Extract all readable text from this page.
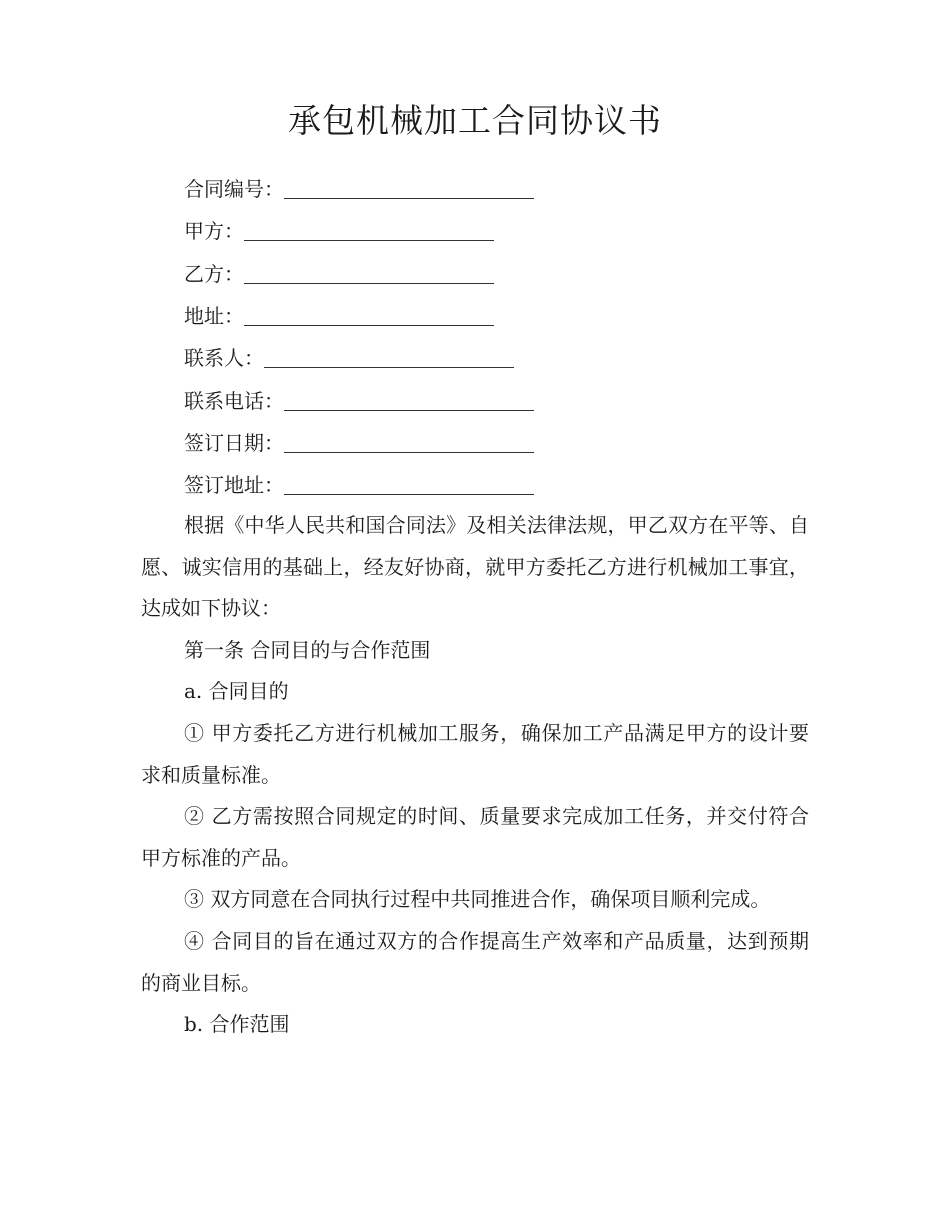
承包机械加工合同协议书
合同编号：
甲方：
乙方：
地址：
联系人：
联系电话：
签订日期：
签订地址：
根据《中华人民共和国合同法》及相关法律法规，甲乙双方在平等、自愿、诚实信用的基础上，经友好协商，就甲方委托乙方进行机械加工事宜，达成如下协议：
第一条 合同目的与合作范围
a. 合同目的
① 甲方委托乙方进行机械加工服务，确保加工产品满足甲方的设计要求和质量标准。
② 乙方需按照合同规定的时间、质量要求完成加工任务，并交付符合甲方标准的产品。
③ 双方同意在合同执行过程中共同推进合作，确保项目顺利完成。
④ 合同目的旨在通过双方的合作提高生产效率和产品质量，达到预期的商业目标。
b. 合作范围
